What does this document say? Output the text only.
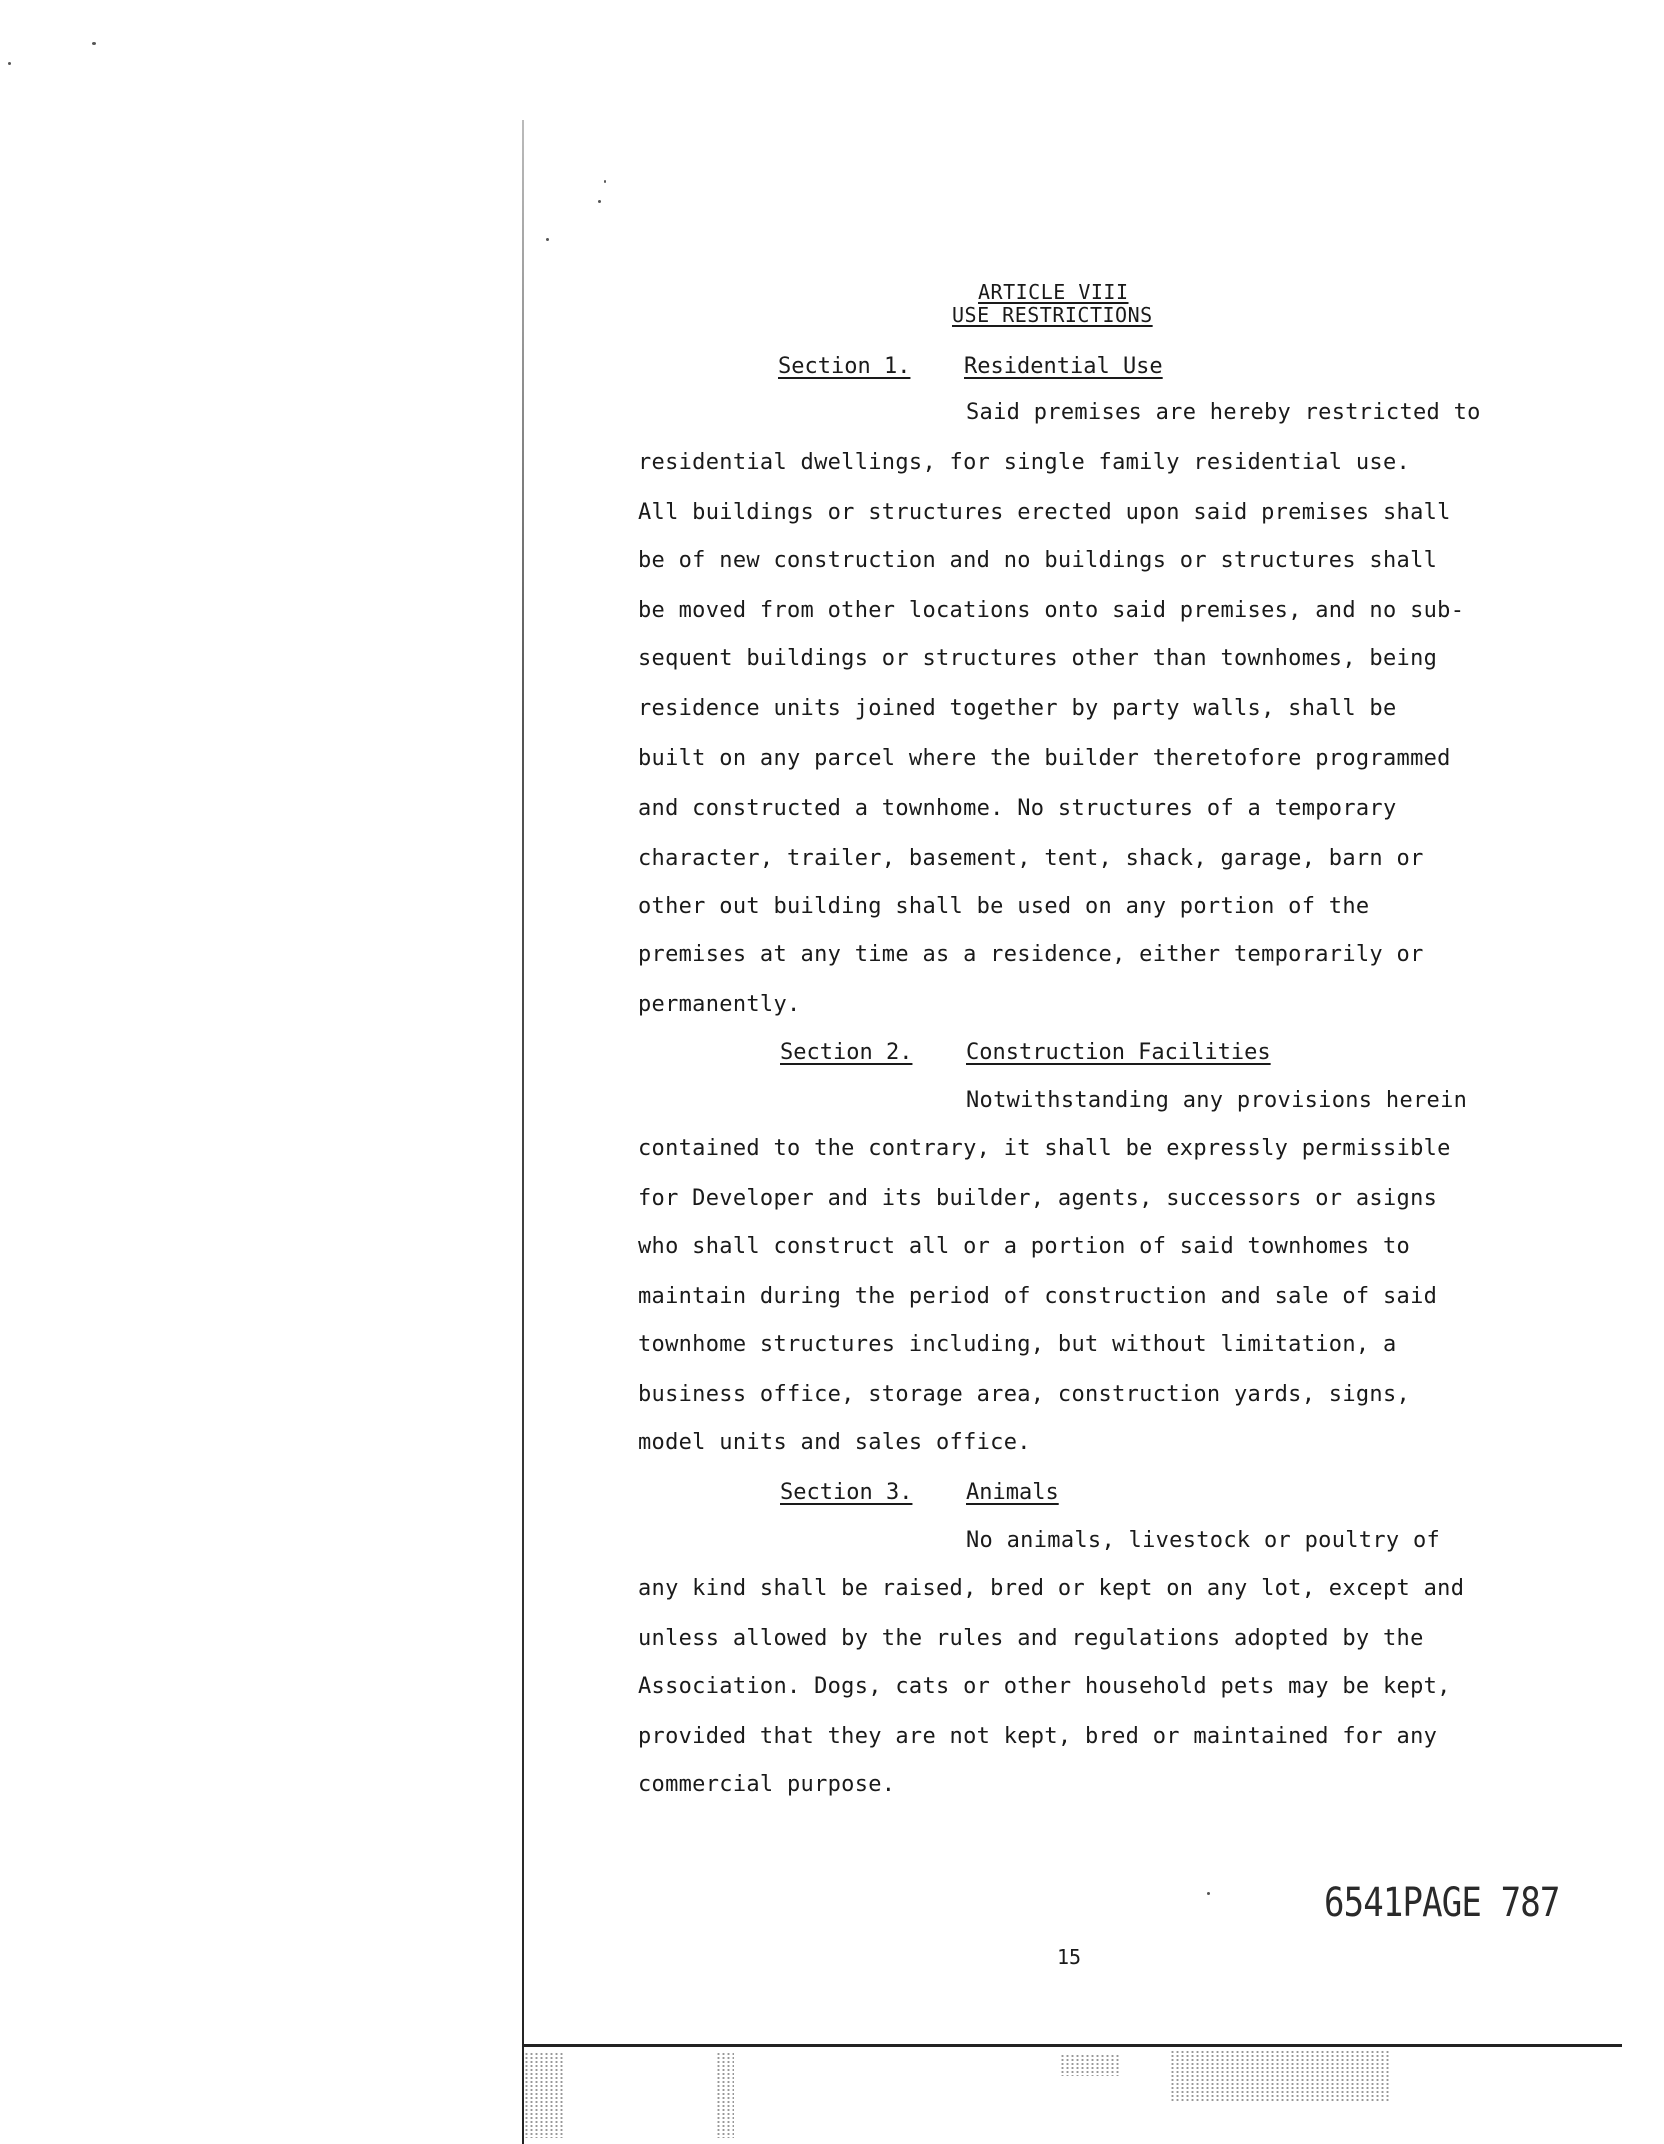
ARTICLE VIII
USE RESTRICTIONS
Section 1. Residential Use
Said premises are hereby restricted to
residential dwellings, for single family residential use.
All buildings or structures erected upon said premises shall
be of new construction and no buildings or structures shall
be moved from other locations onto said premises, and no sub-
sequent buildings or structures other than townhomes, being
residence units joined together by party walls, shall be
built on any parcel where the builder theretofore programmed
and constructed a townhome. No structures of a temporary
character, trailer, basement, tent, shack, garage, barn or
other out building shall be used on any portion of the
premises at any time as a residence, either temporarily or
permanently.
Section 2. Construction Facilities
Notwithstanding any provisions herein
contained to the contrary, it shall be expressly permissible
for Developer and its builder, agents, successors or asigns
who shall construct all or a portion of said townhomes to
maintain during the period of construction and sale of said
townhome structures including, but without limitation, a
business office, storage area, construction yards, signs,
model units and sales office.
Section 3. Animals
No animals, livestock or poultry of
any kind shall be raised, bred or kept on any lot, except and
unless allowed by the rules and regulations adopted by the
Association. Dogs, cats or other household pets may be kept,
provided that they are not kept, bred or maintained for any
commercial purpose.
6541PAGE 787
15
